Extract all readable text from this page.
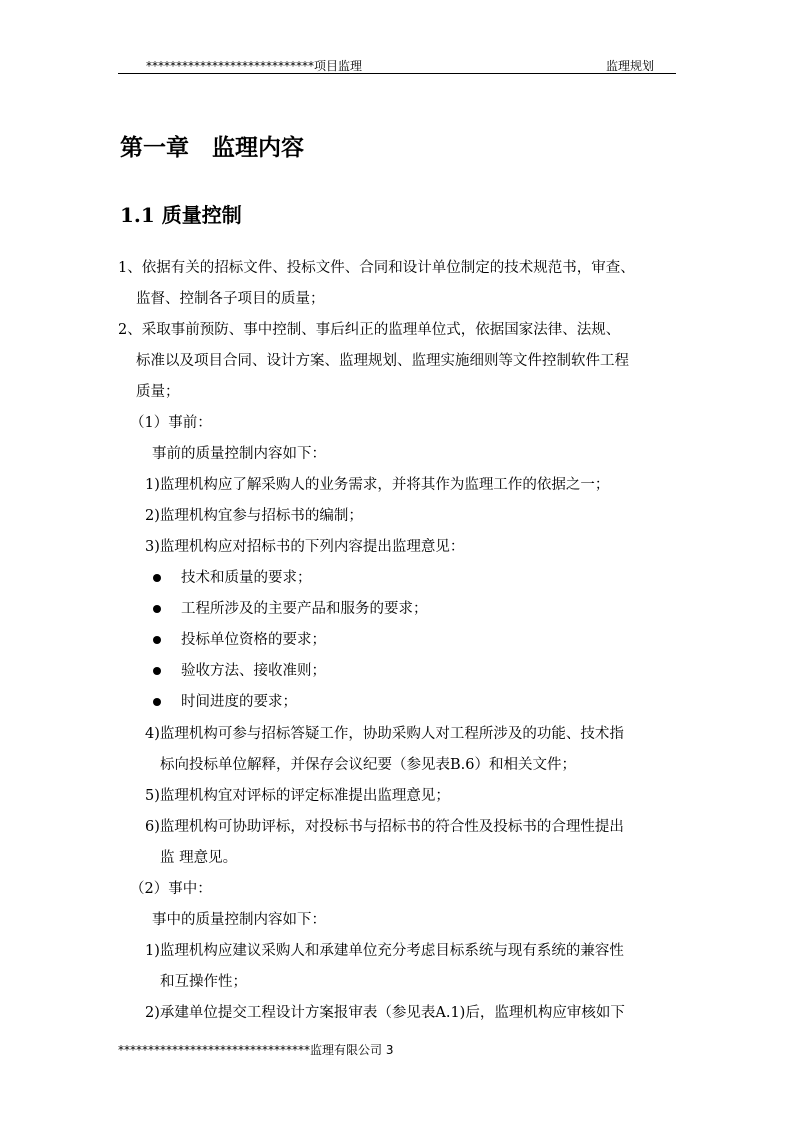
****************************项目监理	监理规划
第一章　监理内容
1.1 质量控制
1、依据有关的招标文件、投标文件、合同和设计单位制定的技术规范书，审查、
监督、控制各子项目的质量；
2、采取事前预防、事中控制、事后纠正的监理单位式，依据国家法律、法规、
标准以及项目合同、设计方案、监理规划、监理实施细则等文件控制软件工程
质量；
（1）事前：
事前的质量控制内容如下：
1)监理机构应了解采购人的业务需求，并将其作为监理工作的依据之一；
2)监理机构宜参与招标书的编制；
3)监理机构应对招标书的下列内容提出监理意见：
技术和质量的要求；
工程所涉及的主要产品和服务的要求；
投标单位资格的要求；
验收方法、接收准则；
时间进度的要求；
4)监理机构可参与招标答疑工作，协助采购人对工程所涉及的功能、技术指
标向投标单位解释，并保存会议纪要（参见表B.6）和相关文件；
5)监理机构宜对评标的评定标准提出监理意见；
6)监理机构可协助评标，对投标书与招标书的符合性及投标书的合理性提出
监 理意见。
（2）事中：
事中的质量控制内容如下：
1)监理机构应建议采购人和承建单位充分考虑目标系统与现有系统的兼容性
和互操作性；
2)承建单位提交工程设计方案报审表（参见表A.1)后，监理机构应审核如下
********************************监理有限公司 3
